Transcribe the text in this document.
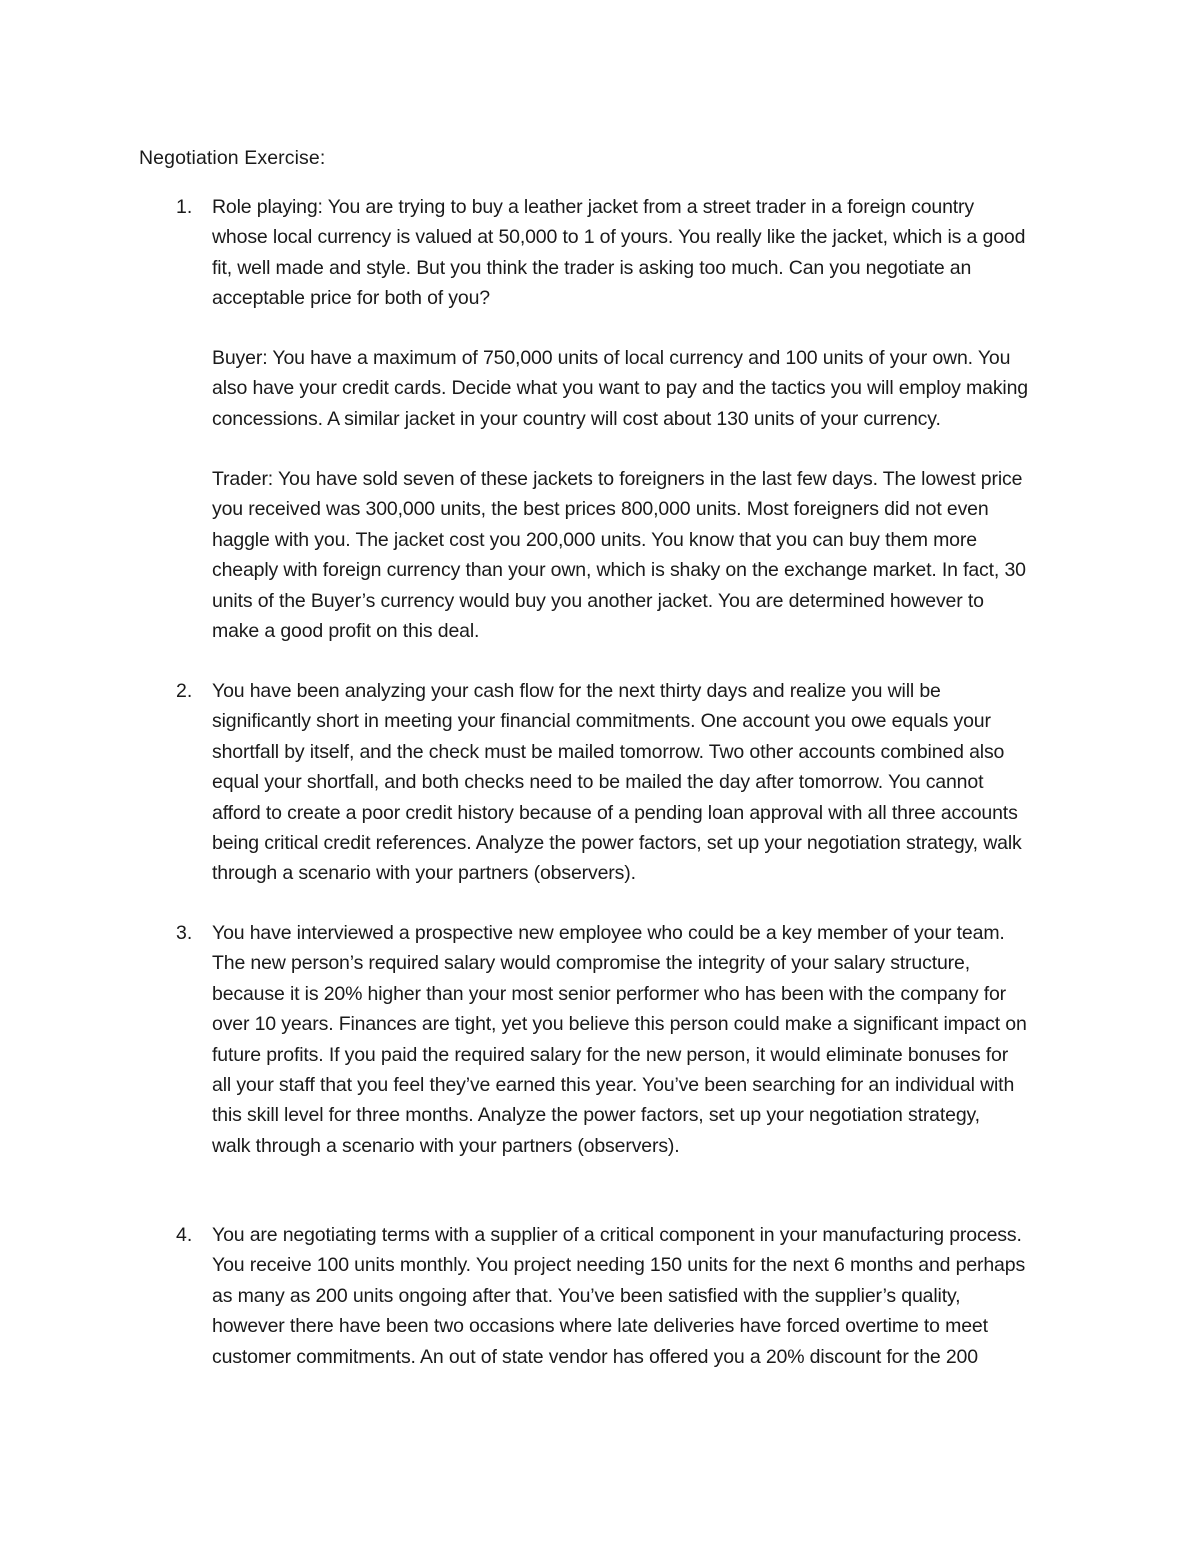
Negotiation Exercise:
1. Role playing: You are trying to buy a leather jacket from a street trader in a foreign country
whose local currency is valued at 50,000 to 1 of yours. You really like the jacket, which is a good
fit, well made and style. But you think the trader is asking too much. Can you negotiate an
acceptable price for both of you?

Buyer: You have a maximum of 750,000 units of local currency and 100 units of your own. You
also have your credit cards. Decide what you want to pay and the tactics you will employ making
concessions. A similar jacket in your country will cost about 130 units of your currency.

Trader: You have sold seven of these jackets to foreigners in the last few days. The lowest price
you received was 300,000 units, the best prices 800,000 units. Most foreigners did not even
haggle with you. The jacket cost you 200,000 units. You know that you can buy them more
cheaply with foreign currency than your own, which is shaky on the exchange market. In fact, 30
units of the Buyer’s currency would buy you another jacket. You are determined however to
make a good profit on this deal.

2. You have been analyzing your cash flow for the next thirty days and realize you will be
significantly short in meeting your financial commitments. One account you owe equals your
shortfall by itself, and the check must be mailed tomorrow. Two other accounts combined also
equal your shortfall, and both checks need to be mailed the day after tomorrow. You cannot
afford to create a poor credit history because of a pending loan approval with all three accounts
being critical credit references. Analyze the power factors, set up your negotiation strategy, walk
through a scenario with your partners (observers).

3. You have interviewed a prospective new employee who could be a key member of your team.
The new person’s required salary would compromise the integrity of your salary structure,
because it is 20% higher than your most senior performer who has been with the company for
over 10 years. Finances are tight, yet you believe this person could make a significant impact on
future profits. If you paid the required salary for the new person, it would eliminate bonuses for
all your staff that you feel they’ve earned this year. You’ve been searching for an individual with
this skill level for three months. Analyze the power factors, set up your negotiation strategy,
walk through a scenario with your partners (observers).

4. You are negotiating terms with a supplier of a critical component in your manufacturing process.
You receive 100 units monthly. You project needing 150 units for the next 6 months and perhaps
as many as 200 units ongoing after that. You’ve been satisfied with the supplier’s quality,
however there have been two occasions where late deliveries have forced overtime to meet
customer commitments. An out of state vendor has offered you a 20% discount for the 200
